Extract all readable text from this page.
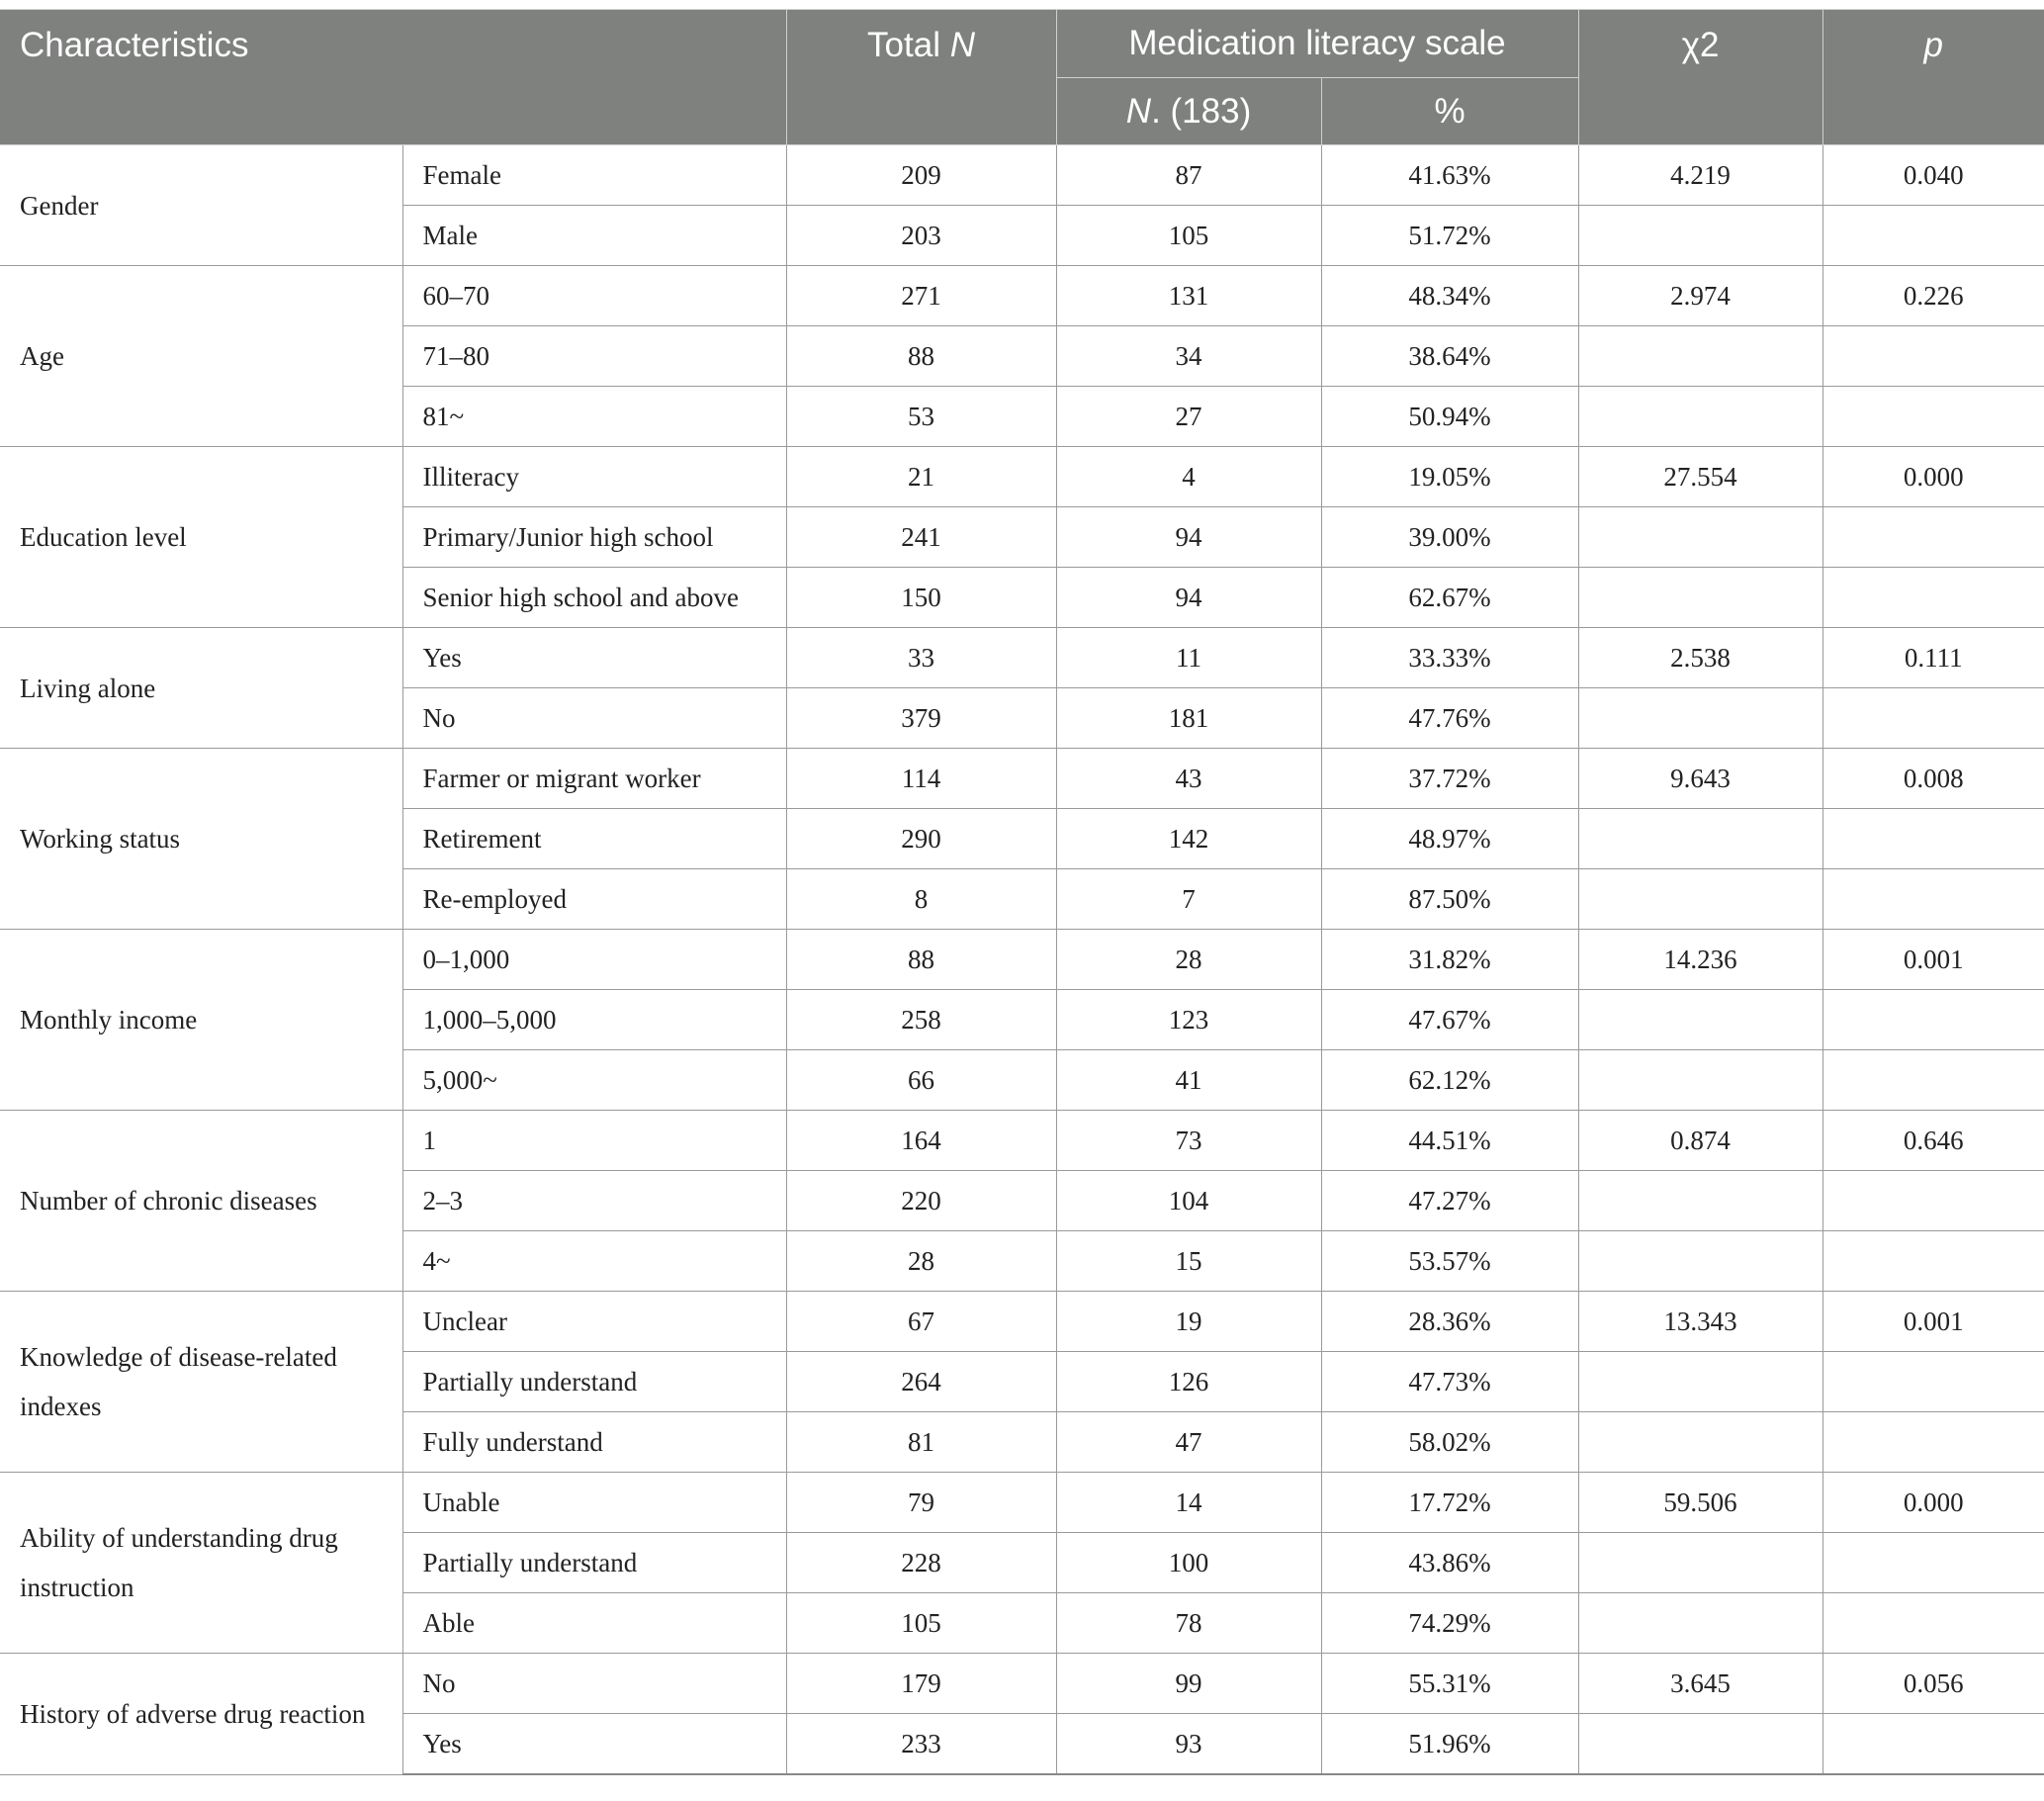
Characteristics		Total N	Medication literacy scale		χ2	p
			N. (183)	%		
Gender	Female	209	87	41.63%	4.219	0.040
	Male	203	105	51.72%		
Age	60–70	271	131	48.34%	2.974	0.226
	71–80	88	34	38.64%		
	81~	53	27	50.94%		
Education level	Illiteracy	21	4	19.05%	27.554	0.000
	Primary/Junior high school	241	94	39.00%		
	Senior high school and above	150	94	62.67%		
Living alone	Yes	33	11	33.33%	2.538	0.111
	No	379	181	47.76%		
Working status	Farmer or migrant worker	114	43	37.72%	9.643	0.008
	Retirement	290	142	48.97%		
	Re-employed	8	7	87.50%		
Monthly income	0–1,000	88	28	31.82%	14.236	0.001
	1,000–5,000	258	123	47.67%		
	5,000~	66	41	62.12%		
Number of chronic diseases	1	164	73	44.51%	0.874	0.646
	2–3	220	104	47.27%		
	4~	28	15	53.57%		
Knowledge of disease-related indexes	Unclear	67	19	28.36%	13.343	0.001
	Partially understand	264	126	47.73%		
	Fully understand	81	47	58.02%		
Ability of understanding drug instruction	Unable	79	14	17.72%	59.506	0.000
	Partially understand	228	100	43.86%		
	Able	105	78	74.29%		
History of adverse drug reaction	No	179	99	55.31%	3.645	0.056
	Yes	233	93	51.96%		
